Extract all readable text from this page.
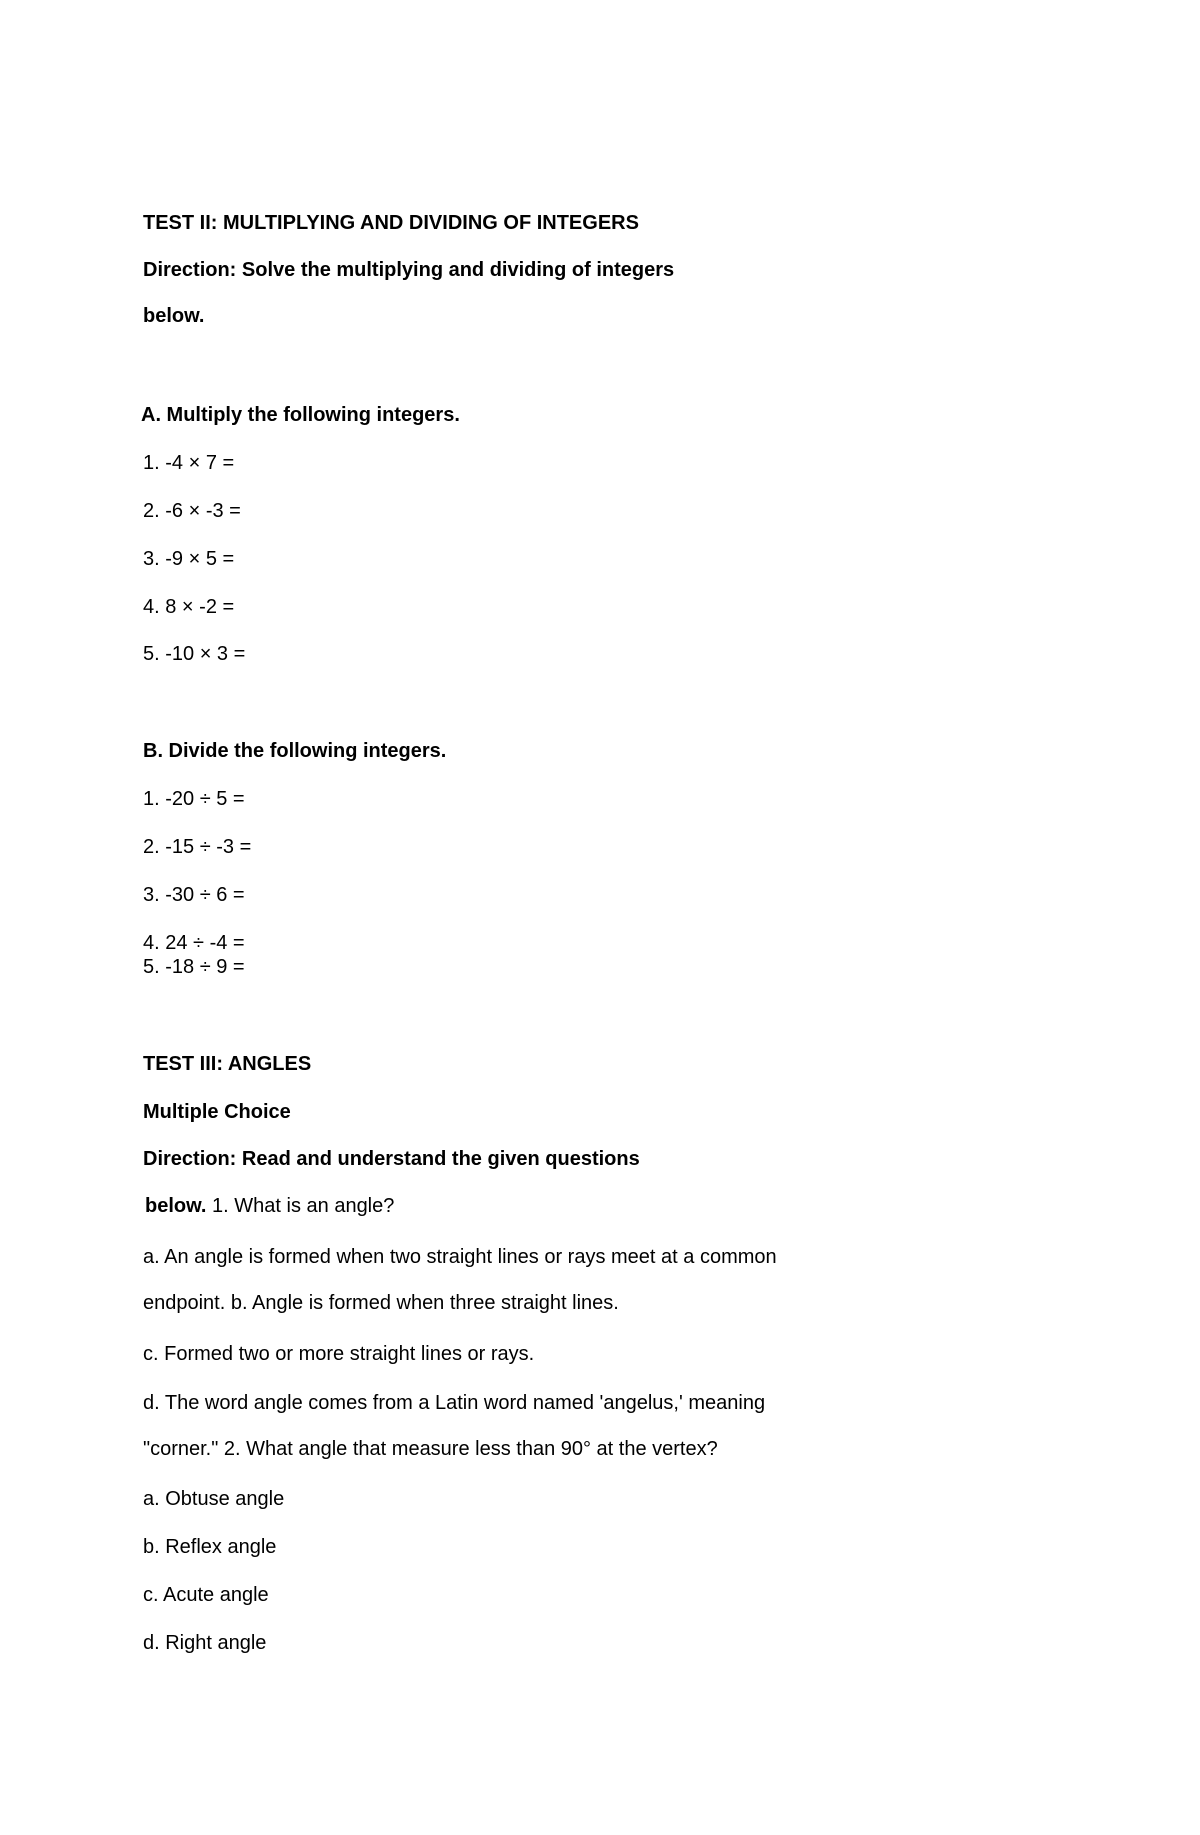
TEST II: MULTIPLYING AND DIVIDING OF INTEGERS
Direction: Solve the multiplying and dividing of integers
below.
A. Multiply the following integers.
1. -4 × 7 =
2. -6 × -3 =
3. -9 × 5 =
4. 8 × -2 =
5. -10 × 3 =
B. Divide the following integers.
1. -20 ÷ 5 =
2. -15 ÷ -3 =
3. -30 ÷ 6 =
4. 24 ÷ -4 =
5. -18 ÷ 9 =
TEST III: ANGLES
Multiple Choice
Direction: Read and understand the given questions
below. 1. What is an angle?
a. An angle is formed when two straight lines or rays meet at a common
endpoint. b. Angle is formed when three straight lines.
c. Formed two or more straight lines or rays.
d. The word angle comes from a Latin word named 'angelus,' meaning
"corner." 2. What angle that measure less than 90° at the vertex?
a. Obtuse angle
b. Reflex angle
c. Acute angle
d. Right angle
